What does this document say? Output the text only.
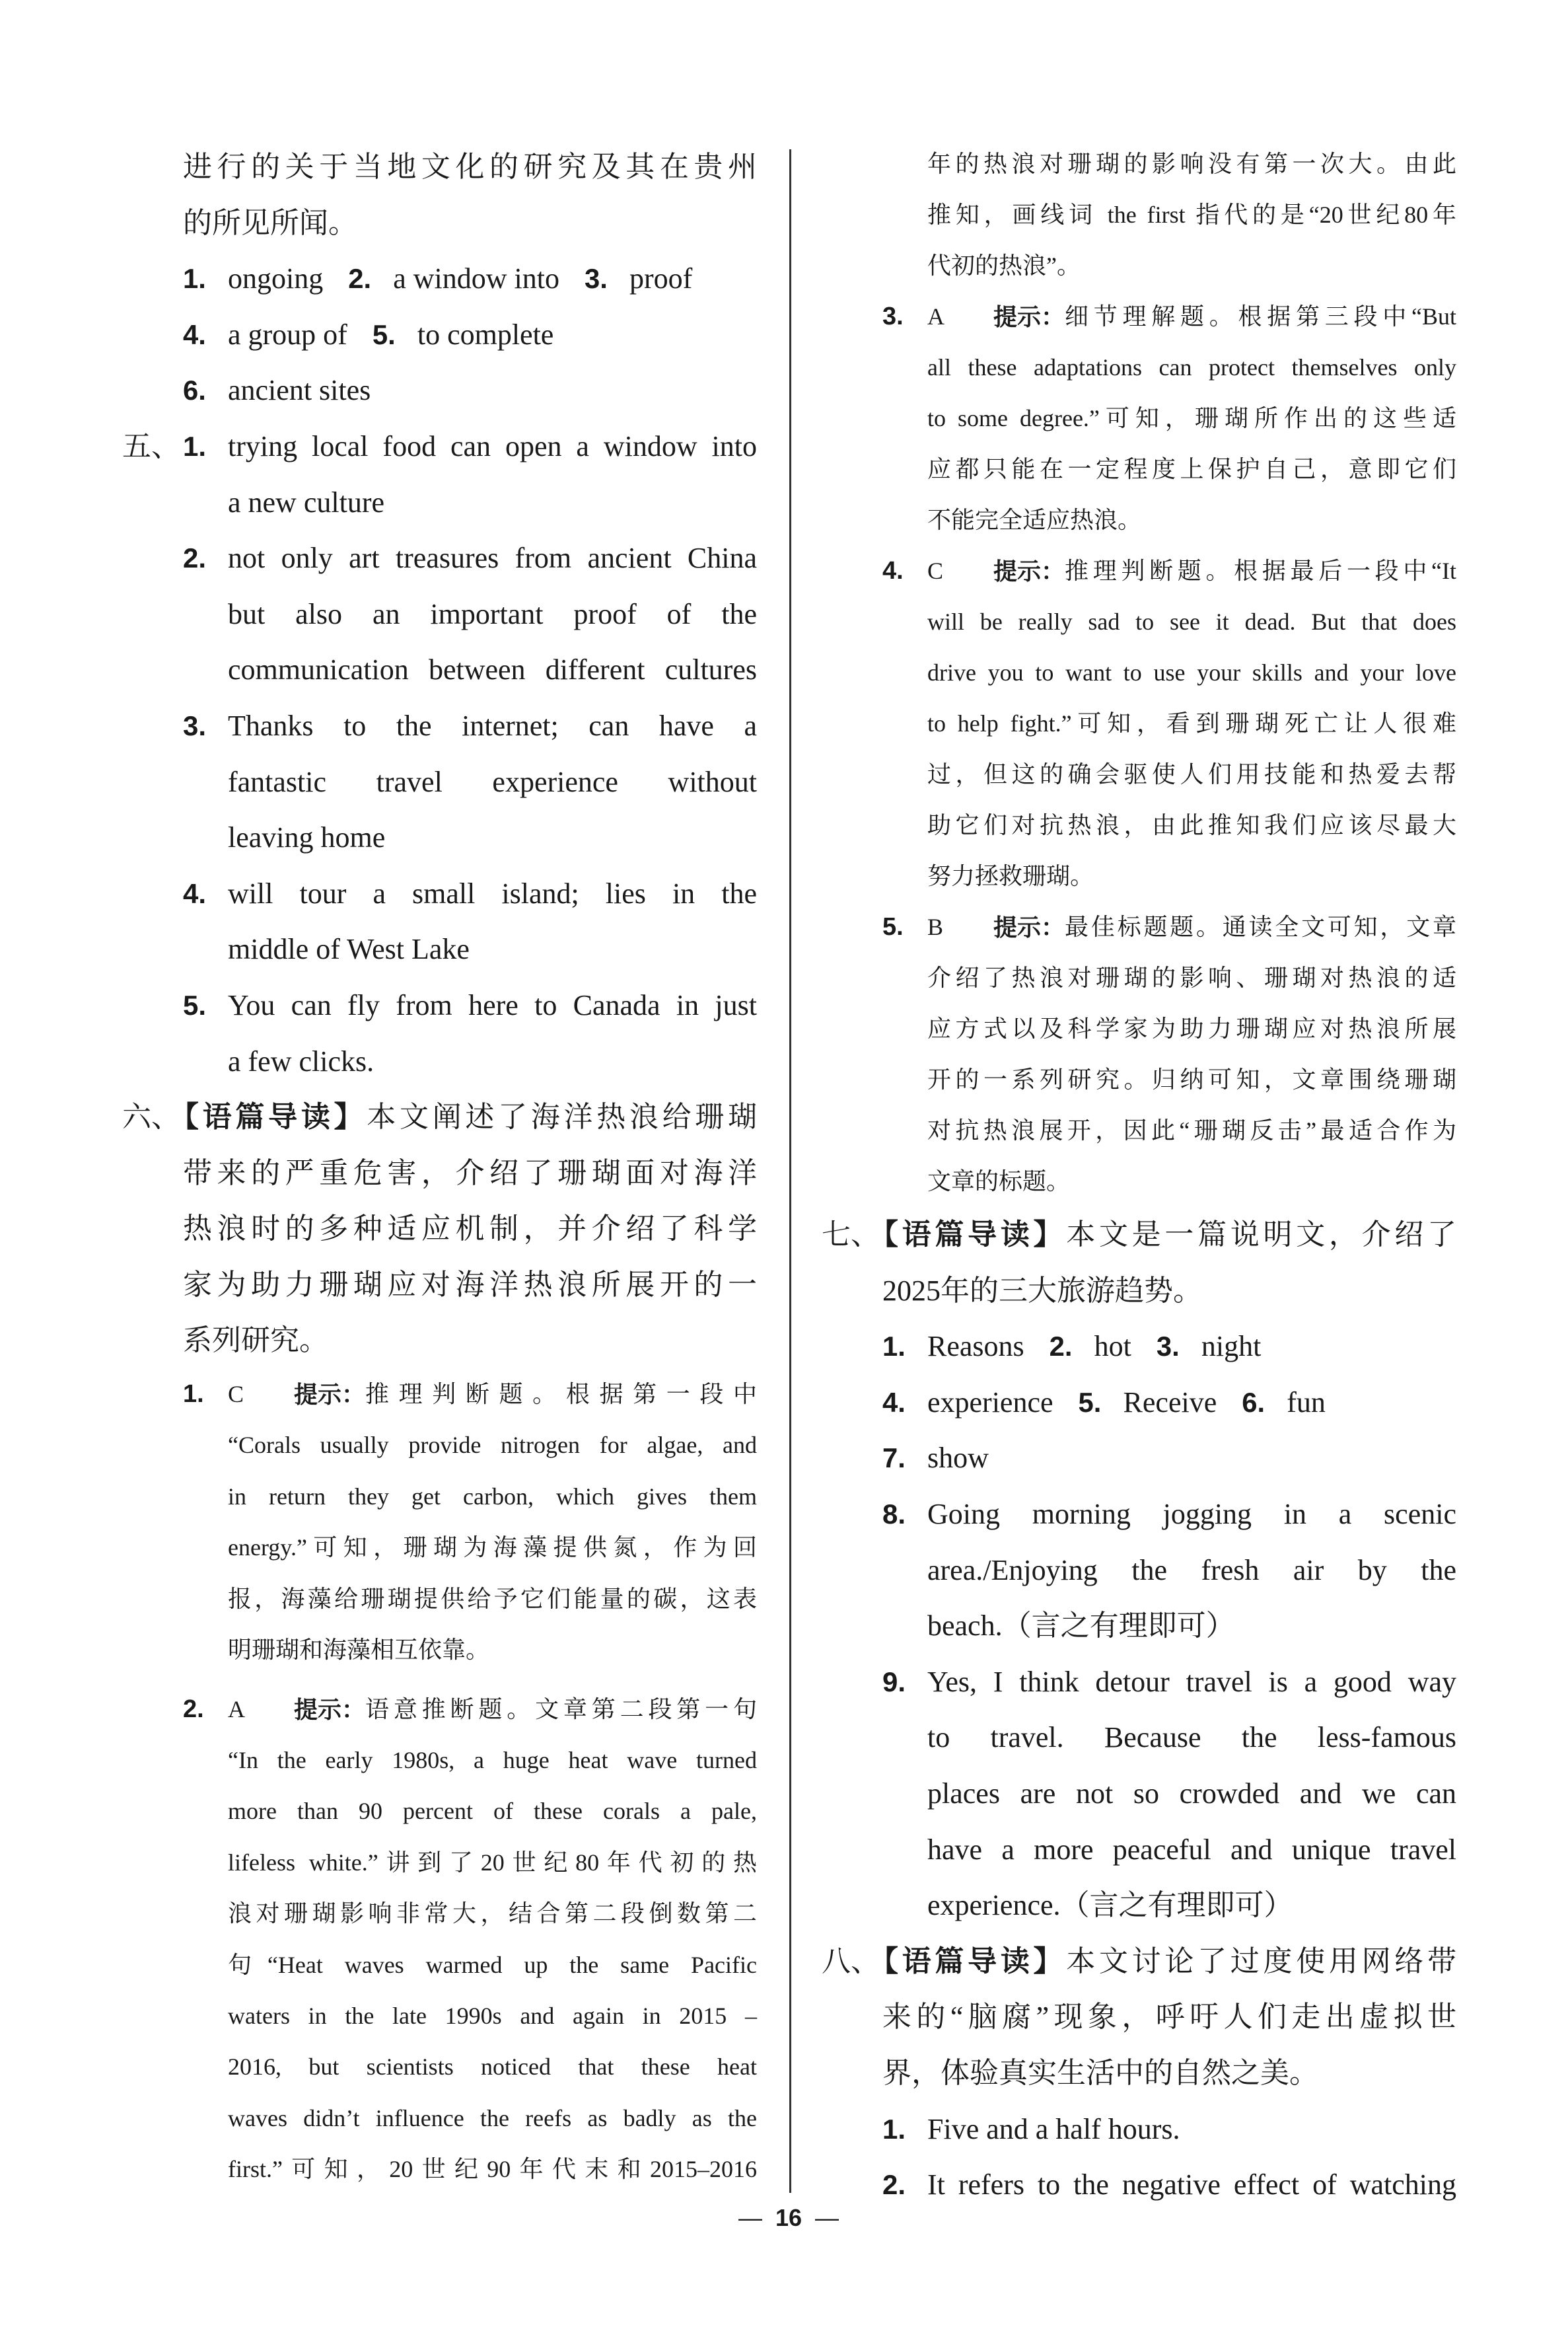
进行的关于当地文化的研究及其在贵州
的所见所闻。
1. ongoing 2. a window into 3. proof
4. a group of 5. to complete
6. ancient sites
五、 1. trying local food can open a window into
a new culture
2. not only art treasures from ancient China
but also an important proof of the
communication between different cultures
3. Thanks to the internet; can have a
fantastic travel experience without
leaving home
4. will tour a small island; lies in the
middle of West Lake
5. You can fly from here to Canada in just
a few clicks.
六、
【语篇导读】本文阐述了海洋热浪给珊瑚
带来的严重危害，介绍了珊瑚面对海洋
热浪时的多种适应机制，并介绍了科学
家为助力珊瑚应对海洋热浪所展开的一
系列研究。
1. C	提示： 推理判断题。根据第一段中
“Corals usually provide nitrogen for algae, and
in return they get carbon, which gives them
energy.”可知，珊瑚为海藻提供氮，作为回
报，海藻给珊瑚提供给予它们能量的碳，这表
明珊瑚和海藻相互依靠。
2. A	提示： 语意推断题。文章第二段第一句
“In the early 1980s, a huge heat wave turned
more than 90 percent of these corals a pale,
lifeless white.”讲到了20世纪80年代初的热
浪对珊瑚影响非常大，结合第二段倒数第二
句“Heat waves warmed up the same Pacific
waters in the late 1990s and again in 2015 –
2016, but scientists noticed that these heat
waves didn’t influence the reefs as badly as the
first.”可知，20世纪90年代末和2015–2016
年的热浪对珊瑚的影响没有第一次大。由此
推知，画线词 the first 指代的是“20世纪80年
代初的热浪”。
3. A	提示： 细节理解题。根据第三段中“But
all these adaptations can protect themselves only
to some degree.”可知，珊瑚所作出的这些适
应都只能在一定程度上保护自己，意即它们
不能完全适应热浪。
4. C	提示： 推理判断题。根据最后一段中“It
will be really sad to see it dead. But that does
drive you to want to use your skills and your love
to help fight.”可知，看到珊瑚死亡让人很难
过，但这的确会驱使人们用技能和热爱去帮
助它们对抗热浪，由此推知我们应该尽最大
努力拯救珊瑚。
5. B	提示： 最佳标题题。通读全文可知，文章
介绍了热浪对珊瑚的影响、珊瑚对热浪的适
应方式以及科学家为助力珊瑚应对热浪所展
开的一系列研究。归纳可知，文章围绕珊瑚
对抗热浪展开，因此“珊瑚反击”最适合作为
文章的标题。
七、
【语篇导读】本文是一篇说明文，介绍了
2025年的三大旅游趋势。
1. Reasons 2. hot 3. night
4. experience 5. Receive 6. fun
7. show
8. Going morning jogging in a scenic
area./Enjoying the fresh air by the
beach.（言之有理即可）
9. Yes, I think detour travel is a good way
to travel. Because the less-famous
places are not so crowded and we can
have a more peaceful and unique travel
experience.（言之有理即可）
八、
【语篇导读】本文讨论了过度使用网络带
来的“脑腐”现象，呼吁人们走出虚拟世
界，体验真实生活中的自然之美。
1. Five and a half hours.
2. It refers to the negative effect of watching
— 16 —
